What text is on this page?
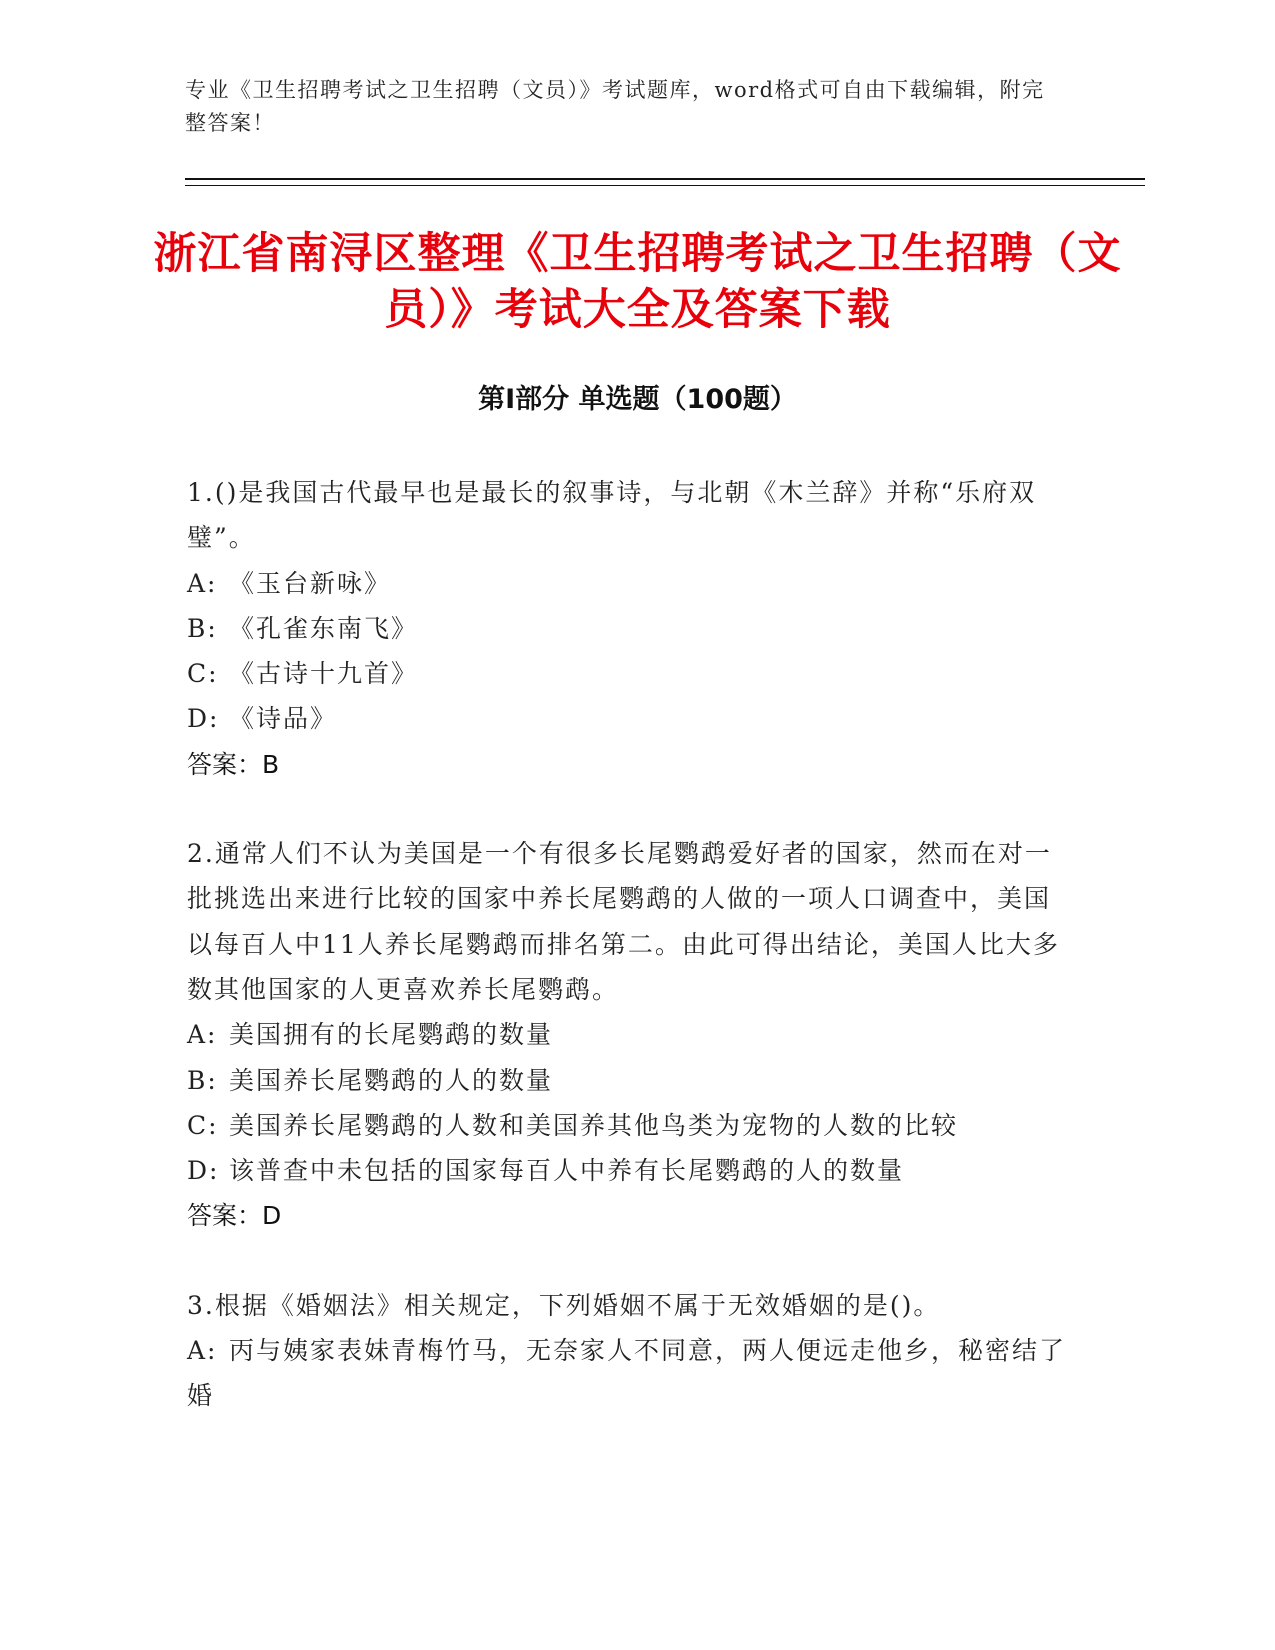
专业《卫生招聘考试之卫生招聘（文员）》考试题库，word格式可自由下载编辑，附完整答案！

浙江省南浔区整理《卫生招聘考试之卫生招聘（文员）》考试大全及答案下载
第Ⅰ部分 单选题（100题）

1.()是我国古代最早也是最长的叙事诗，与北朝《木兰辞》并称“乐府双璧”。

A: 《玉台新咏》

B: 《孔雀东南飞》

C: 《古诗十九首》

D: 《诗品》

答案：B

2.通常人们不认为美国是一个有很多长尾鹦鹉爱好者的国家，然而在对一批挑选出来进行比较的国家中养长尾鹦鹉的人做的一项人口调查中，美国以每百人中11人养长尾鹦鹉而排名第二。由此可得出结论，美国人比大多数其他国家的人更喜欢养长尾鹦鹉。

A: 美国拥有的长尾鹦鹉的数量

B: 美国养长尾鹦鹉的人的数量

C: 美国养长尾鹦鹉的人数和美国养其他鸟类为宠物的人数的比较

D: 该普查中未包括的国家每百人中养有长尾鹦鹉的人的数量

答案：D

3.根据《婚姻法》相关规定，下列婚姻不属于无效婚姻的是()。

A: 丙与姨家表妹青梅竹马，无奈家人不同意，两人便远走他乡，秘密结了婚
